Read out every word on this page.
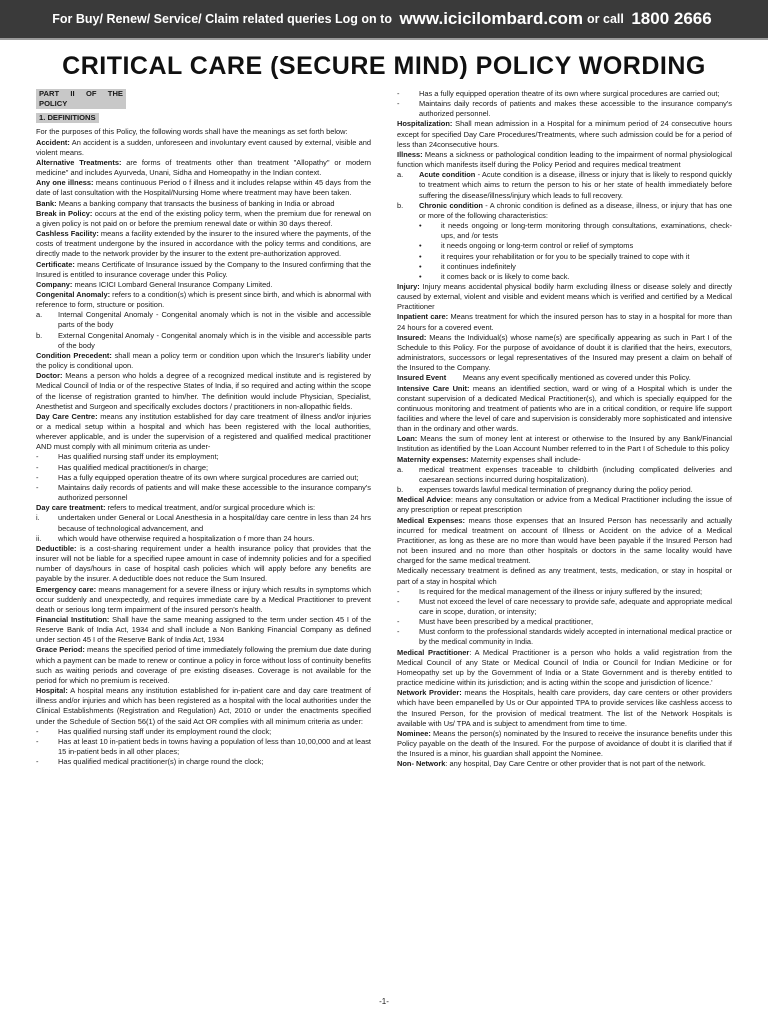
For Buy/ Renew/ Service/ Claim related queries Log on to
www.icicilombard.com or call
1800 2666
CRITICAL CARE (SECURE MIND) POLICY WORDING
PART II OF THE POLICY
1. DEFINITIONS

For the purposes of this Policy, the following words shall have the meanings as set forth below:

Accident: An accident is a sudden, unforeseen and involuntary event caused by external, visible and violent means.

Alternative Treatments: are forms of treatments other than treatment "Allopathy" or modern medicine" and includes Ayurveda, Unani, Sidha and Homeopathy in the Indian context.

Any one illness: means continuous Period o f illness and it includes relapse within 45 days from the date of last consultation with the Hospital/Nursing Home where treatment may have been taken.

Bank: Means a banking company that transacts the business of banking in India or abroad

Break in Policy: occurs at the end of the existing policy term, when the premium due for renewal on a given policy is not paid on or before the premium renewal date or within 30 days thereof.

Cashless Facility: means a facility extended by the insurer to the insured where the payments, of the costs of treatment undergone by the insured in accordance with the policy terms and conditions, are directly made to the network provider by the insurer to the extent pre-authorization approved.

Certificate: means Certificate of Insurance issued by the Company to the Insured confirming that the Insured is entitled to insurance coverage under this Policy.

Company: means ICICI Lombard General Insurance Company Limited.

Congenital Anomaly: refers to a condition(s) which is present since birth, and which is abnormal with reference to form, structure or position.

a.	Internal Congenital Anomaly - Congenital anomaly which is not in the visible and accessible parts of the body
b.	External Congenital Anomaly - Congenital anomaly which is in the visible and accessible parts of the body

Condition Precedent: shall mean a policy term or condition upon which the Insurer's liability under the policy is conditional upon.

Doctor: Means a person who holds a degree of a recognized medical institute and is registered by Medical Council of India or of the respective States of India, if so required and acting within the scope of the license of registration granted to him/her. The definition would include Physician, Specialist, Anesthetist and Surgeon and specifically excludes doctors / practitioners in non-allopathic fields.

Day Care Centre: means any institution established for day care treatment of illness and/or injuries or a medical setup within a hospital and which has been registered with the local authorities, wherever applicable, and is under the supervision of a registered and qualified medical practitioner AND must comply with all minimum criteria as under-

-	Has qualified nursing staff under its employment;
-	Has qualified medical practitioner/s in charge;
-	Has a fully equipped operation theatre of its own where surgical procedures are carried out;
-	Maintains daily records of patients and will make these accessible to the insurance company's authorized personnel

Day care treatment: refers to medical treatment, and/or surgical procedure which is:

i.	undertaken under General or Local Anesthesia in a hospital/day care centre in less than 24 hrs because of technological advancement, and
ii.	which would have otherwise required a hospitalization o f more than 24 hours.

Deductible: is a cost-sharing requirement under a health insurance policy that provides that the insurer will not be liable for a specified rupee amount in case of indemnity policies and for a specified number of days/hours in case of hospital cash policies which will apply before any benefits are payable by the insurer. A deductible does not reduce the Sum Insured.

Emergency care: means management for a severe illness or injury which results in symptoms which occur suddenly and unexpectedly, and requires immediate care by a Medical Practitioner to prevent death or serious long term impairment of the insured person's health.

Financial Institution: Shall have the same meaning assigned to the term under section 45 I of the Reserve Bank of India Act, 1934 and shall include a Non Banking Financial Company as defined under section 45 I of the Reserve Bank of India Act, 1934

Grace Period: means the specified period of time immediately following the premium due date during which a payment can be made to renew or continue a policy in force without loss of continuity benefits such as waiting periods and coverage of pre existing diseases. Coverage is not available for the period for which no premium is received.

Hospital: A hospital means any institution established for in-patient care and day care treatment of illness and/or injuries and which has been registered as a hospital with the local authorities under the Clinical Establishments (Registration and Regulation) Act, 2010 or under the enactments specified under the Schedule of Section 56(1) of the said Act OR complies with all minimum criteria as under:

-	Has qualified nursing staff under its employment round the clock;
-	Has at least 10 in-patient beds in towns having a population of less than 10,00,000 and at least 15 in-patient beds in all other places;
-	Has qualified medical practitioner(s) in charge round the clock;
-	Has a fully equipped operation theatre of its own where surgical procedures are carried out;
-	Maintains daily records of patients and makes these accessible to the insurance company's authorized personnel.

Hospitalization: Shall mean admission in a Hospital for a minimum period of 24 consecutive hours except for specified Day Care Procedures/Treatments, where such admission could be for a period of less than 24consecutive hours.

Illness: Means a sickness or pathological condition leading to the impairment of normal physiological function which manifests itself during the Policy Period and requires medical treatment

a.	Acute condition - Acute condition is a disease, illness or injury that is likely to respond quickly to treatment which aims to return the person to his or her state of health immediately before suffering the disease/illness/injury which leads to full recovery.
b.	Chronic condition - A chronic condition is defined as a disease, illness, or injury that has one or more of the following characteristics:
•	it needs ongoing or long-term monitoring through consultations, examinations, check-ups, and /or tests
•	it needs ongoing or long-term control or relief of symptoms
•	it requires your rehabilitation or for you to be specially trained to cope with it
•	it continues indefinitely
•	it comes back or is likely to come back.

Injury: Injury means accidental physical bodily harm excluding illness or disease solely and directly caused by external, violent and visible and evident means which is verified and certified by a Medical Practitioner

Inpatient care: Means treatment for which the insured person has to stay in a hospital for more than 24 hours for a covered event.

Insured: Means the Individual(s) whose name(s) are specifically appearing as such in Part I of the Schedule to this Policy. For the purpose of avoidance of doubt it is clarified that the heirs, executors, administrators, successors or legal representatives of the Insured may present a claim on behalf of the Insured to the Company.

Insured Event        Means any event specifically mentioned as covered under this Policy.

Intensive Care Unit: means an identified section, ward or wing of a Hospital which is under the constant supervision of a dedicated Medical Practitioner(s), and which is specially equipped for the continuous monitoring and treatment of patients who are in a critical condition, or require life support facilities and where the level of care and supervision is considerably more sophisticated and intensive than in the ordinary and other wards.

Loan: Means the sum of money lent at interest or otherwise to the Insured by any Bank/Financial Institution as identified by the Loan Account Number referred to in the Part I of Schedule to this policy

Maternity expenses: Maternity expenses shall include-

a.	medical treatment expenses traceable to childbirth (including complicated deliveries and caesarean sections incurred during hospitalization).
b.	expenses towards lawful medical termination of pregnancy during the policy period.

Medical Advice: means any consultation or advice from a Medical Practitioner including the issue of any prescription or repeat prescription

Medical Expenses: means those expenses that an Insured Person has necessarily and actually incurred for medical treatment on account of Illness or Accident on the advice of a Medical Practitioner, as long as these are no more than would have been payable if the Insured Person had not been insured and no more than other hospitals or doctors in the same locality would have charged for the same medical treatment.

Medically necessary treatment is defined as any treatment, tests, medication, or stay in hospital or part of a stay in hospital which

-	Is required for the medical management of the illness or injury suffered by the insured;
-	Must not exceed the level of care necessary to provide safe, adequate and appropriate medical care in scope, duration, or intensity;
-	Must have been prescribed by a medical practitioner,
-	Must conform to the professional standards widely accepted in international medical practice or by the medical community in India.

Medical Practitioner: A Medical Practitioner is a person who holds a valid registration from the Medical Council of any State or Medical Council of India or Council for Indian Medicine or for Homeopathy set up by the Government of India or a State Government and is thereby entitled to practice medicine within its jurisdiction; and is acting within the scope and jurisdiction of licence.'

Network Provider: means the Hospitals, health care providers, day care centers or other providers which have been empanelled by Us or Our appointed TPA to provide services like cashless access to the Insured Person, for the provision of medical treatment. The list of the Network Hospitals is available with Us/ TPA and is subject to amendment from time to time.

Nominee: Means the person(s) nominated by the Insured to receive the insurance benefits under this Policy payable on the death of the Insured. For the purpose of avoidance of doubt it is clarified that if the Insured is a minor, his guardian shall appoint the Nominee.

Non- Network: any hospital, Day Care Centre or other provider that is not part of the network.

-1-
